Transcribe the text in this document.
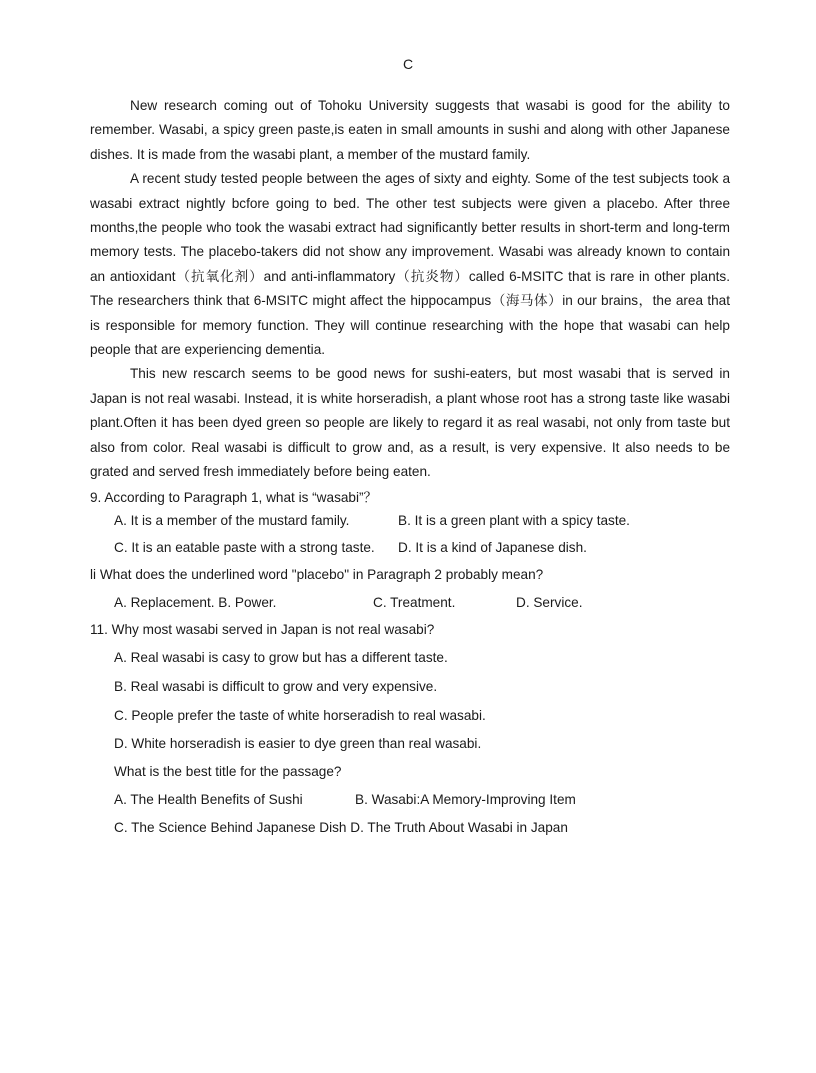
C

New research coming out of Tohoku University suggests that wasabi is good for the ability to remember. Wasabi, a spicy green paste,is eaten in small amounts in sushi and along with other Japanese dishes. It is made from the wasabi plant, a member of the mustard family.

A recent study tested people between the ages of sixty and eighty. Some of the test subjects took a wasabi extract nightly bcfore going to bed. The other test subjects were given a placebo. After three months,the people who took the wasabi extract had significantly better results in short-term and long-term memory tests. The placebo-takers did not show any improvement. Wasabi was already known to contain an antioxidant（抗氧化剂）and anti-inflammatory（抗炎物）called 6-MSITC that is rare in other plants.　The researchers think that 6-MSITC might affect the hippocampus（海马体）in our brains，the area that is responsible for memory function. They will continue researching with the hope that wasabi can help people that are experiencing dementia.

This new rescarch seems to be good news for sushi-eaters, but most wasabi that is served in Japan is not real wasabi. Instead, it is white horseradish, a plant whose root has a strong taste like wasabi plant.Often it has been dyed green so people are likely to regard it as real wasabi, not only from taste but also from color. Real wasabi is difficult to grow and, as a result, is very expensive. It also needs to be grated and served fresh immediately before being eaten.

9. According to Paragraph 1, what is “wasabi”？
A. It is a member of the mustard family.	B. It is a green plant with a spicy taste.
C. It is an eatable paste with a strong taste. D. It is a kind of Japanese dish.
li What does the underlined word "placebo" in Paragraph 2 probably mean?
A. Replacement. B. Power.	C. Treatment.	D. Service.
11. Why most wasabi served in Japan is not real wasabi?
A. Real wasabi is casy to grow but has a different taste.
B. Real wasabi is difficult to grow and very expensive.
C. People prefer the taste of white horseradish to real wasabi.
D. White horseradish is easier to dye green than real wasabi.
What is the best title for the passage?
A. The Health Benefits of Sushi	B. Wasabi:A Memory-Improving Item
C. The Science Behind Japanese Dish D. The Truth About Wasabi in Japan
